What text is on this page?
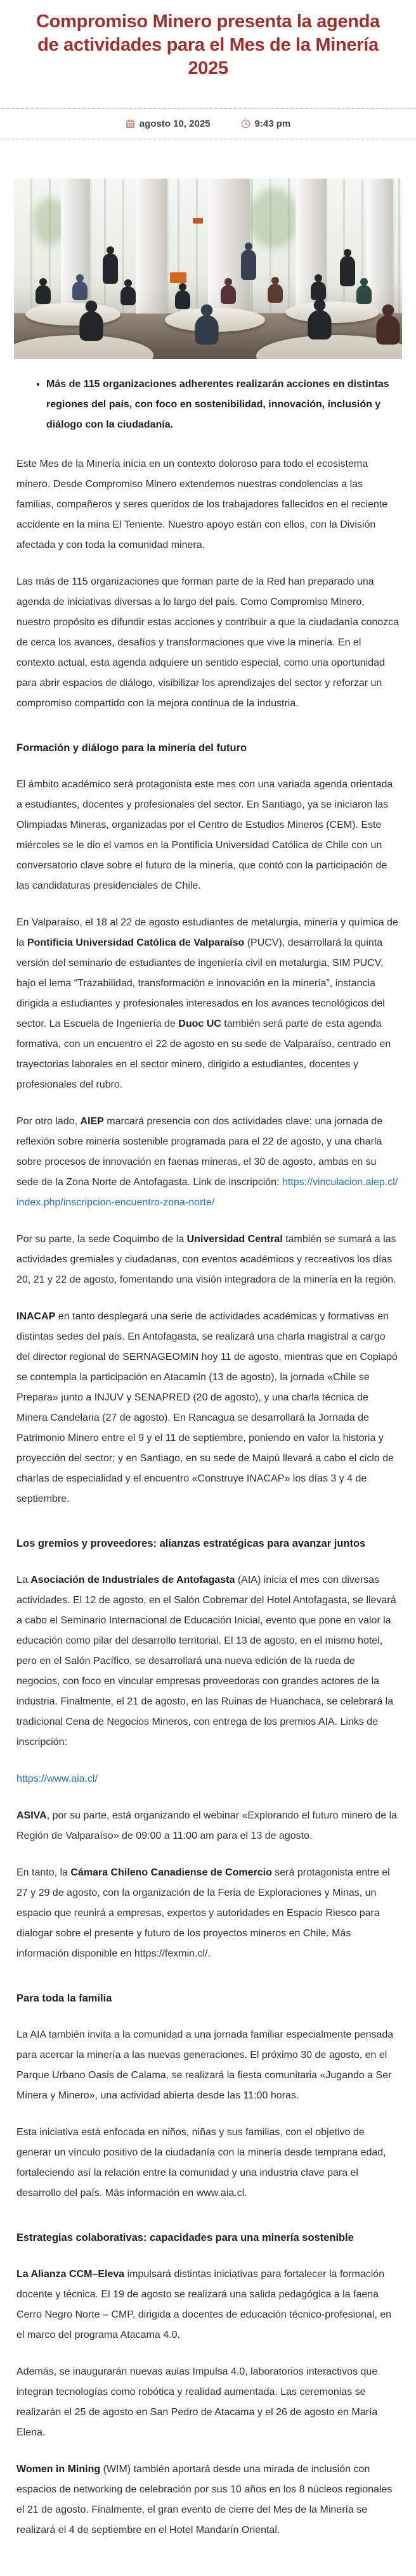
Compromiso Minero presenta la agenda de actividades para el Mes de la Minería 2025
agosto 10, 2025	9:43 pm
• Más de 115 organizaciones adherentes realizarán acciones en distintas regiones del país, con foco en sostenibilidad, innovación, inclusión y diálogo con la ciudadanía.

Este Mes de la Minería inicia en un contexto doloroso para todo el ecosistema minero. Desde Compromiso Minero extendemos nuestras condolencias a las familias, compañeros y seres queridos de los trabajadores fallecidos en el reciente accidente en la mina El Teniente. Nuestro apoyo están con ellos, con la División afectada y con toda la comunidad minera.

Las más de 115 organizaciones que forman parte de la Red han preparado una agenda de iniciativas diversas a lo largo del país. Como Compromiso Minero, nuestro propósito es difundir estas acciones y contribuir a que la ciudadanía conozca de cerca los avances, desafíos y transformaciones que vive la minería. En el contexto actual, esta agenda adquiere un sentido especial, como una oportunidad para abrir espacios de diálogo, visibilizar los aprendizajes del sector y reforzar un compromiso compartido con la mejora continua de la industria.

Formación y diálogo para la minería del futuro

El ámbito académico será protagonista este mes con una variada agenda orientada a estudiantes, docentes y profesionales del sector. En Santiago, ya se iniciaron las Olimpiadas Mineras, organizadas por el Centro de Estudios Mineros (CEM). Este miércoles se le dio el vamos en la Pontificia Universidad Católica de Chile con un conversatorio clave sobre el futuro de la minería, que contó con la participación de las candidaturas presidenciales de Chile.

En Valparaíso, el 18 al 22 de agosto estudiantes de metalurgia, minería y química de la Pontificia Universidad Católica de Valparaíso (PUCV), desarrollará la quinta versión del seminario de estudiantes de ingeniería civil en metalurgia, SIM PUCV, bajo el lema “Trazabilidad, transformación e innovación en la minería”, instancia dirigida a estudiantes y profesionales interesados en los avances tecnológicos del sector. La Escuela de Ingeniería de Duoc UC también será parte de esta agenda formativa, con un encuentro el 22 de agosto en su sede de Valparaíso, centrado en trayectorias laborales en el sector minero, dirigido a estudiantes, docentes y profesionales del rubro.

Por otro lado, AIEP marcará presencia con dos actividades clave: una jornada de reflexión sobre minería sostenible programada para el 22 de agosto, y una charla sobre procesos de innovación en faenas mineras, el 30 de agosto, ambas en su sede de la Zona Norte de Antofagasta. Link de inscripción: https://vinculacion.aiep.cl/index.php/inscripcion-encuentro-zona-norte/

Por su parte, la sede Coquimbo de la Universidad Central también se sumará a las actividades gremiales y ciudadanas, con eventos académicos y recreativos los días 20, 21 y 22 de agosto, fomentando una visión integradora de la minería en la región.

INACAP en tanto desplegará una serie de actividades académicas y formativas en distintas sedes del país. En Antofagasta, se realizará una charla magistral a cargo del director regional de SERNAGEOMIN hoy 11 de agosto, mientras que en Copiapó se contempla la participación en Atacamin (13 de agosto), la jornada «Chile se Prepara» junto a INJUV y SENAPRED (20 de agosto), y una charla técnica de Minera Candelaria (27 de agosto). En Rancagua se desarrollará la Jornada de Patrimonio Minero entre el 9 y el 11 de septiembre, poniendo en valor la historia y proyección del sector; y en Santiago, en su sede de Maipú llevará a cabo el ciclo de charlas de especialidad y el encuentro «Construye INACAP» los días 3 y 4 de septiembre.

Los gremios y proveedores: alianzas estratégicas para avanzar juntos

La Asociación de Industriales de Antofagasta (AIA) inicia el mes con diversas actividades. El 12 de agosto, en el Salón Cobremar del Hotel Antofagasta, se llevará a cabo el Seminario Internacional de Educación Inicial, evento que pone en valor la educación como pilar del desarrollo territorial. El 13 de agosto, en el mismo hotel, pero en el Salón Pacífico, se desarrollará una nueva edición de la rueda de negocios, con foco en vincular empresas proveedoras con grandes actores de la industria. Finalmente, el 21 de agosto, en las Ruinas de Huanchaca, se celebrará la tradicional Cena de Negocios Mineros, con entrega de los premios AIA. Links de inscripción:

https://www.aia.cl/

ASIVA, por su parte, está organizando el webinar «Explorando el futuro minero de la Región de Valparaíso» de 09:00 a 11:00 am para el 13 de agosto.

En tanto, la Cámara Chileno Canadiense de Comercio será protagonista entre el 27 y 29 de agosto, con la organización de la Feria de Exploraciones y Minas, un espacio que reunirá a empresas, expertos y autoridades en Espacio Riesco para dialogar sobre el presente y futuro de los proyectos mineros en Chile. Más información disponible en https://fexmin.cl/.

Para toda la familia

La AIA también invita a la comunidad a una jornada familiar especialmente pensada para acercar la minería a las nuevas generaciones. El próximo 30 de agosto, en el Parque Urbano Oasis de Calama, se realizará la fiesta comunitaria «Jugando a Ser Minera y Minero», una actividad abierta desde las 11:00 horas.

Esta iniciativa está enfocada en niños, niñas y sus familias, con el objetivo de generar un vínculo positivo de la ciudadanía con la minería desde temprana edad, fortaleciendo así la relación entre la comunidad y una industria clave para el desarrollo del país. Más información en www.aia.cl.

Estrategias colaborativas: capacidades para una minería sostenible

La Alianza CCM–Eleva impulsará distintas iniciativas para fortalecer la formación docente y técnica. El 19 de agosto se realizará una salida pedagógica a la faena Cerro Negro Norte – CMP, dirigida a docentes de educación técnico-profesional, en el marco del programa Atacama 4.0.

Además, se inaugurarán nuevas aulas Impulsa 4.0, laboratorios interactivos que integran tecnologías como robótica y realidad aumentada. Las ceremonias se realizarán el 25 de agosto en San Pedro de Atacama y el 26 de agosto en María Elena.

Women in Mining (WIM) también aportará desde una mirada de inclusión con espacios de networking de celebración por sus 10 años en los 8 núcleos regionales el 21 de agosto. Finalmente, el gran evento de cierre del Mes de la Minería se realizará el 4 de septiembre en el Hotel Mandarín Oriental.
